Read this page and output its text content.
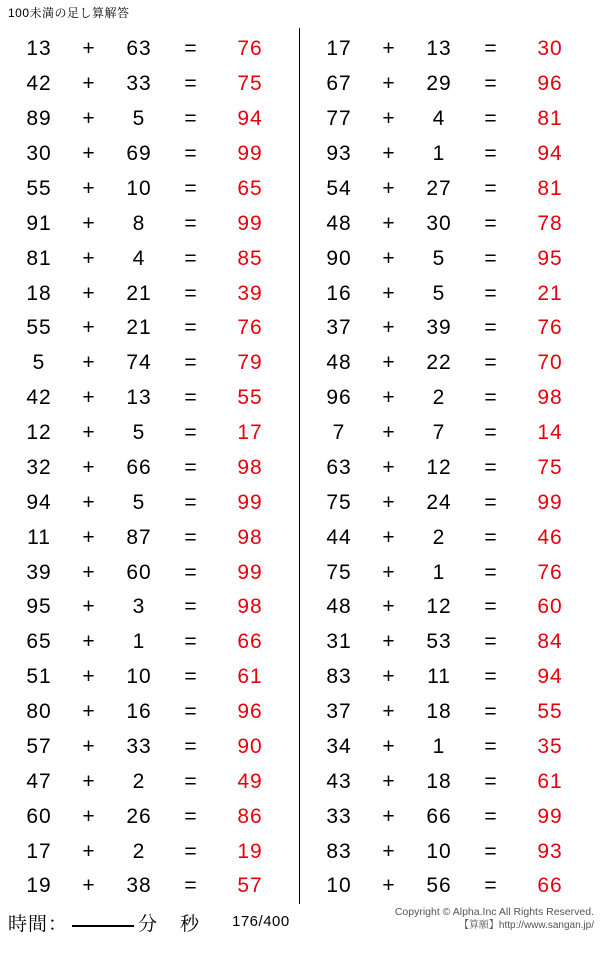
100未満の足し算解答
13	+	63	=	76
42	+	33	=	75
89	+	5	=	94
30	+	69	=	99
55	+	10	=	65
91	+	8	=	99
81	+	4	=	85
18	+	21	=	39
55	+	21	=	76
5	+	74	=	79
42	+	13	=	55
12	+	5	=	17
32	+	66	=	98
94	+	5	=	99
11	+	87	=	98
39	+	60	=	99
95	+	3	=	98
65	+	1	=	66
51	+	10	=	61
80	+	16	=	96
57	+	33	=	90
47	+	2	=	49
60	+	26	=	86
17	+	2	=	19
19	+	38	=	57
17	+	13	=	30
67	+	29	=	96
77	+	4	=	81
93	+	1	=	94
54	+	27	=	81
48	+	30	=	78
90	+	5	=	95
16	+	5	=	21
37	+	39	=	76
48	+	22	=	70
96	+	2	=	98
7	+	7	=	14
63	+	12	=	75
75	+	24	=	99
44	+	2	=	46
75	+	1	=	76
48	+	12	=	60
31	+	53	=	84
83	+	11	=	94
37	+	18	=	55
34	+	1	=	35
43	+	18	=	61
33	+	66	=	99
83	+	10	=	93
10	+	56	=	66
時間：	分 秒 176/400
Copyright © Alpha.Inc All Rights Reserved.
【算願】http://www.sangan.jp/
